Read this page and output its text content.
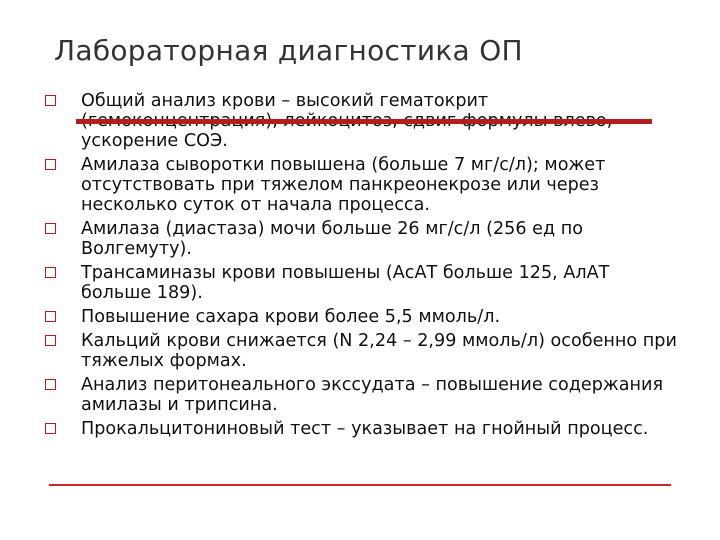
Лабораторная диагностика ОП
Общий анализ крови – высокий гематокрит ускорение СОЭ.
Амилаза сыворотки повышена (больше 7 мг/с/л); может отсутствовать при тяжелом панкреонекрозе или через несколько суток от начала процесса.
Амилаза (диастаза) мочи больше 26 мг/с/л (256 ед по Волгемуту).
Трансаминазы крови повышены (АсАТ больше 125, АлАТ больше 189).
Повышение сахара крови более 5,5 ммоль/л.
Кальций крови снижается (N 2,24 – 2,99 ммоль/л) особенно при тяжелых формах.
Анализ перитонеального экссудата – повышение содержания амилазы и трипсина.
Прокальцитониновый тест – указывает на гнойный процесс.
